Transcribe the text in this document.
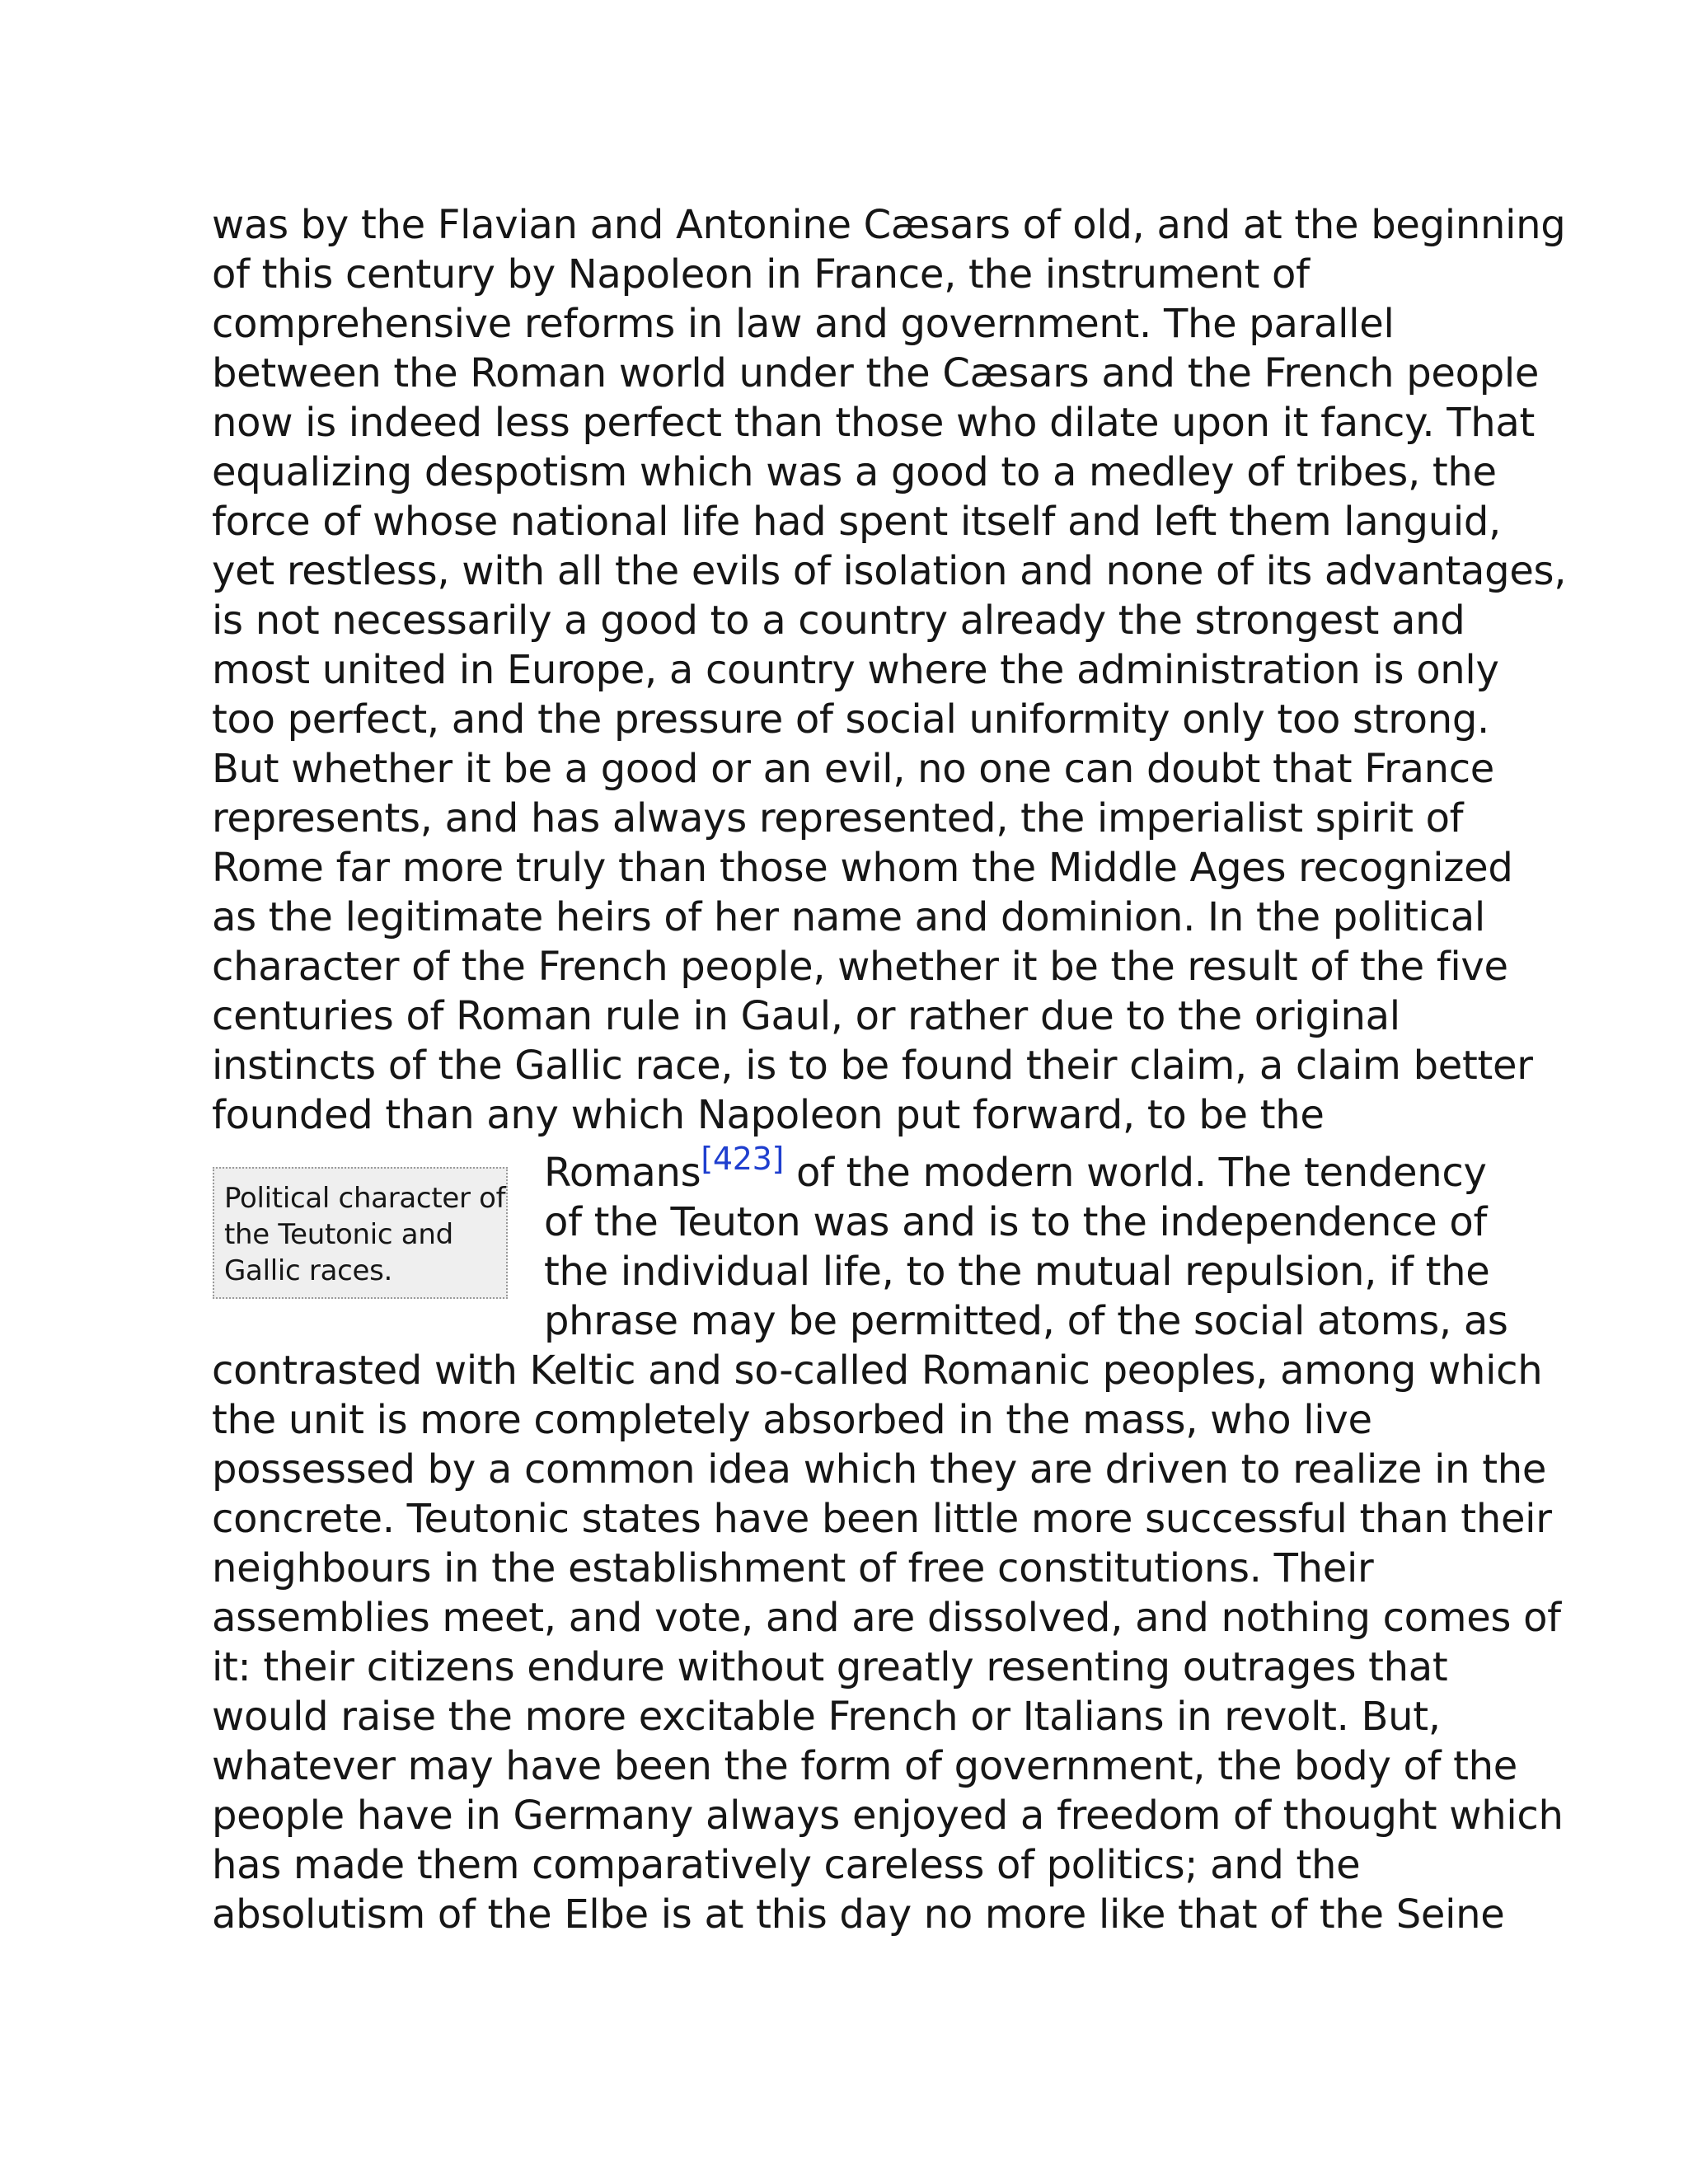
was by the Flavian and Antonine Cæsars of old, and at the beginning
of this century by Napoleon in France, the instrument of
comprehensive reforms in law and government. The parallel
between the Roman world under the Cæsars and the French people
now is indeed less perfect than those who dilate upon it fancy. That
equalizing despotism which was a good to a medley of tribes, the
force of whose national life had spent itself and left them languid,
yet restless, with all the evils of isolation and none of its advantages,
is not necessarily a good to a country already the strongest and
most united in Europe, a country where the administration is only
too perfect, and the pressure of social uniformity only too strong.
But whether it be a good or an evil, no one can doubt that France
represents, and has always represented, the imperialist spirit of
Rome far more truly than those whom the Middle Ages recognized
as the legitimate heirs of her name and dominion. In the political
character of the French people, whether it be the result of the five
centuries of Roman rule in Gaul, or rather due to the original
instincts of the Gallic race, is to be found their claim, a claim better
founded than any which Napoleon put forward, to be the
Political character of
the Teutonic and
Gallic races.
Romans[423] of the modern world. The tendency
of the Teuton was and is to the independence of
the individual life, to the mutual repulsion, if the
phrase may be permitted, of the social atoms, as
contrasted with Keltic and so-called Romanic peoples, among which
the unit is more completely absorbed in the mass, who live
possessed by a common idea which they are driven to realize in the
concrete. Teutonic states have been little more successful than their
neighbours in the establishment of free constitutions. Their
assemblies meet, and vote, and are dissolved, and nothing comes of
it: their citizens endure without greatly resenting outrages that
would raise the more excitable French or Italians in revolt. But,
whatever may have been the form of government, the body of the
people have in Germany always enjoyed a freedom of thought which
has made them comparatively careless of politics; and the
absolutism of the Elbe is at this day no more like that of the Seine
